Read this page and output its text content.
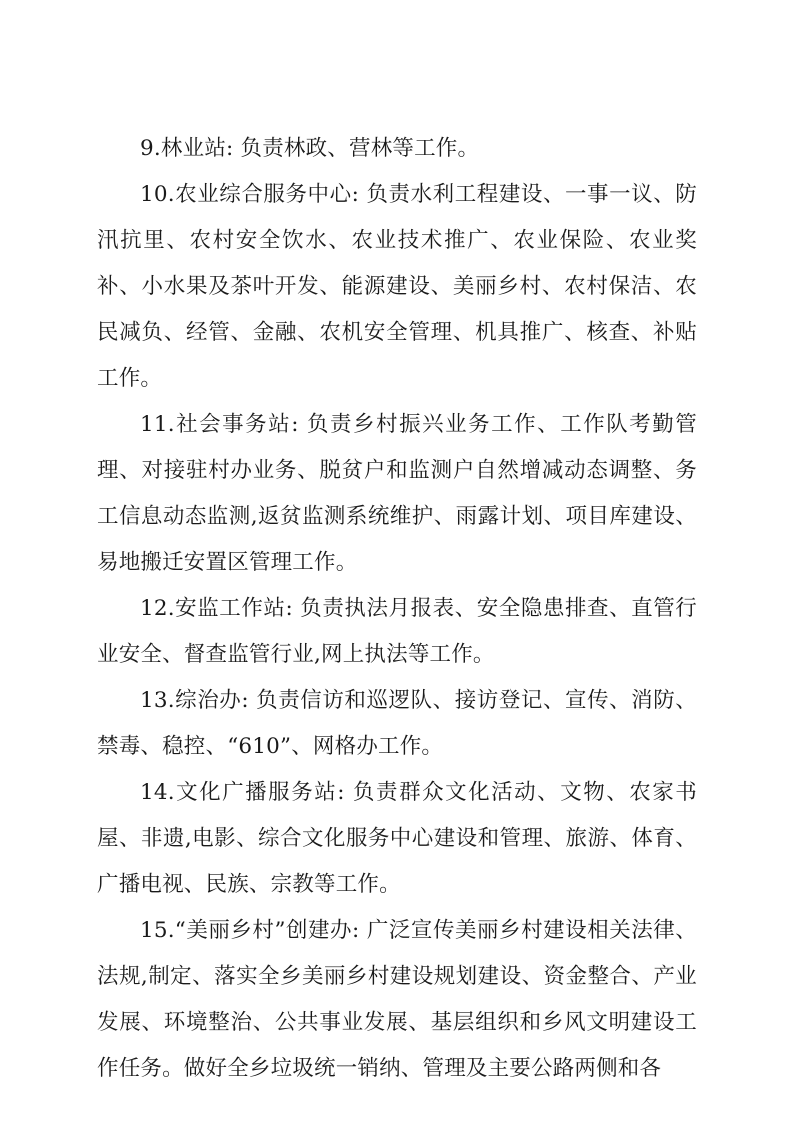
9.林业站: 负责林政、营林等工作。

10.农业综合服务中心: 负责水利工程建设、一事一议、防汛抗里、农村安全饮水、农业技术推广、农业保险、农业奖补、小水果及茶叶开发、能源建设、美丽乡村、农村保洁、农民减负、经管、金融、农机安全管理、机具推广、核查、补贴工作。

11.社会事务站: 负责乡村振兴业务工作、工作队考勤管理、对接驻村办业务、脱贫户和监测户自然增减动态调整、务工信息动态监测,返贫监测系统维护、雨露计划、项目库建设、易地搬迁安置区管理工作。

12.安监工作站: 负责执法月报表、安全隐患排查、直管行业安全、督查监管行业,网上执法等工作。

13.综治办: 负责信访和巡逻队、接访登记、宣传、消防、禁毒、稳控、“610”、网格办工作。

14.文化广播服务站: 负责群众文化活动、文物、农家书屋、非遗,电影、综合文化服务中心建设和管理、旅游、体育、广播电视、民族、宗教等工作。

15.“美丽乡村”创建办: 广泛宣传美丽乡村建设相关法律、法规,制定、落实全乡美丽乡村建设规划建设、资金整合、产业发展、环境整治、公共事业发展、基层组织和乡风文明建设工作任务。做好全乡垃圾统一销纳、管理及主要公路两侧和各
